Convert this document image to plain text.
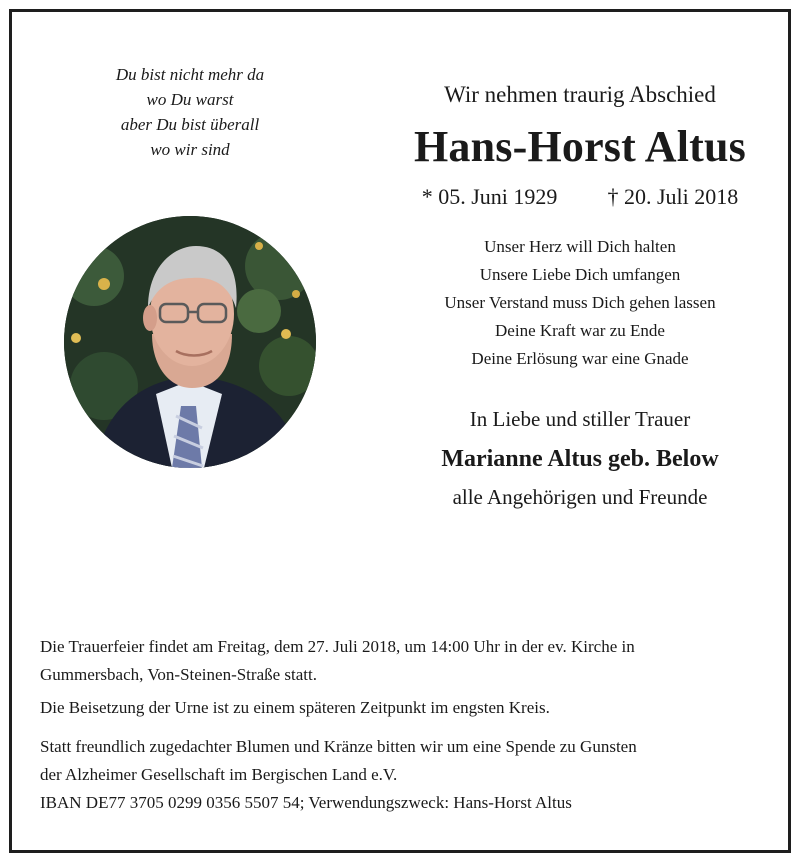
Du bist nicht mehr da
wo Du warst
aber Du bist überall
wo wir sind
Wir nehmen traurig Abschied
Hans-Horst Altus
* 05. Juni 1929 † 20. Juli 2018
Unser Herz will Dich halten
Unsere Liebe Dich umfangen
Unser Verstand muss Dich gehen lassen
Deine Kraft war zu Ende
Deine Erlösung war eine Gnade
In Liebe und stiller Trauer
Marianne Altus geb. Below
alle Angehörigen und Freunde

Die Trauerfeier findet am Freitag, dem 27. Juli 2018, um 14:00 Uhr in der ev. Kirche in

Gummersbach, Von-Steinen-Straße statt.

Die Beisetzung der Urne ist zu einem späteren Zeitpunkt im engsten Kreis.

Statt freundlich zugedachter Blumen und Kränze bitten wir um eine Spende zu Gunsten

der Alzheimer Gesellschaft im Bergischen Land e.V.

IBAN DE77 3705 0299 0356 5507 54; Verwendungszweck: Hans-Horst Altus
